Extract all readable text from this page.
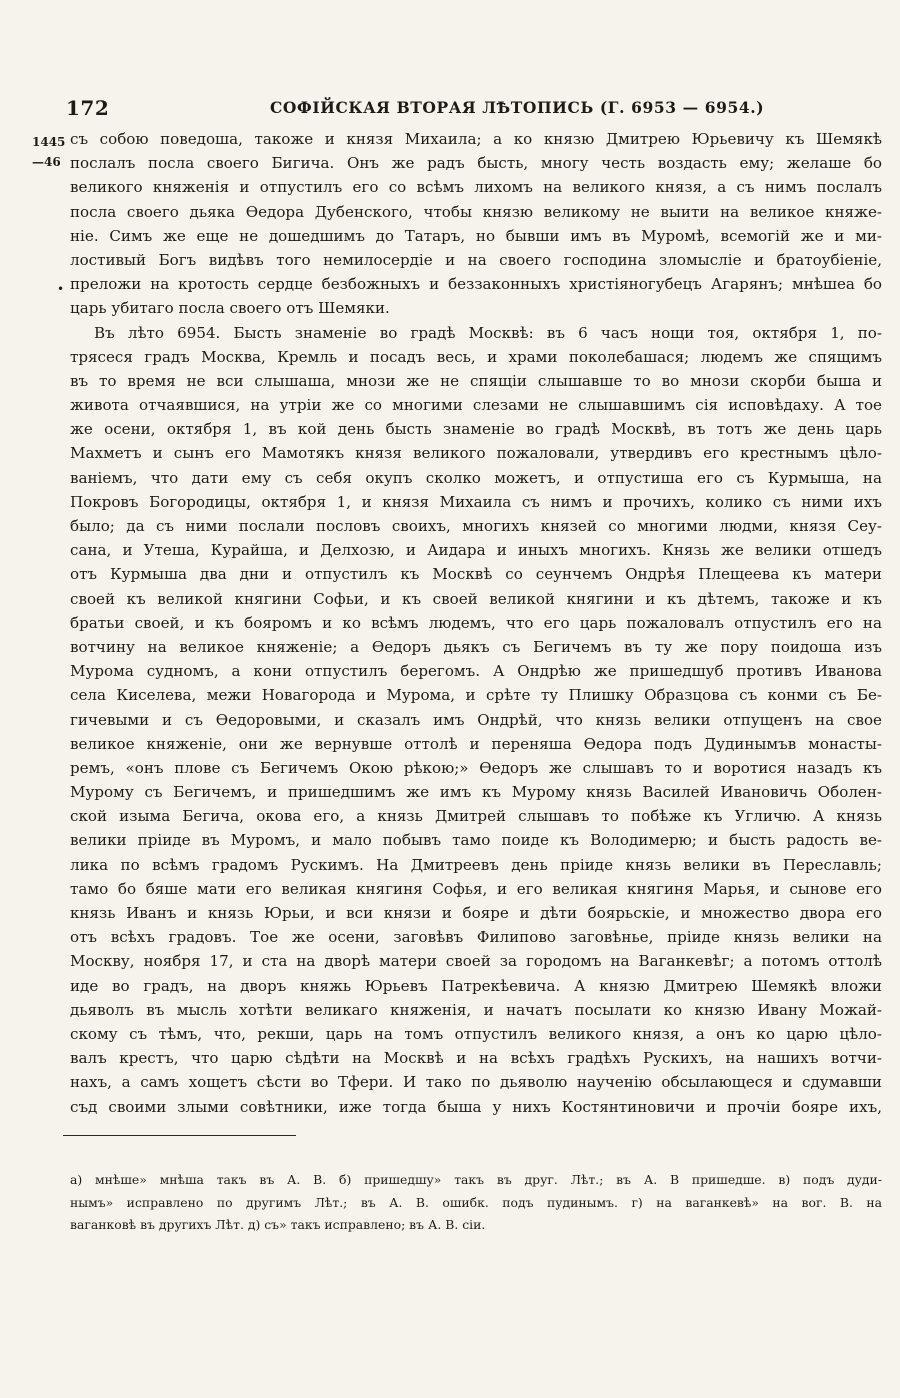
172	СОФІЙСКАЯ ВТОРАЯ ЛѢТОПИСЬ (Г. 6953 — 6954.)
1445
—46
•
съ собою поведоша, такожe и князя Михаила; а ко князю Дмитрею Юрьевичу къ Шемякѣ
послалъ посла своего Бигича. Онъ же радъ бысть, многу честь воздасть ему; желаше бо
великого княженія и отпустилъ его со всѣмъ лихомъ на великого князя, а съ нимъ послалъ
посла своего дьяка Ѳедора Дубенского, чтобы князю великому не выити на великое княже-
ніе. Симъ же еще не дошедшимъ до Татаръ, но бывши имъ въ Муромѣ, всемогій же и ми-
лостивый Богъ видѣвъ того немилосердіе и на своего господина зломысліе и братоубіеніе,
преложи на кротость сердце безбожныхъ и беззаконныхъ христіяногубецъ Агарянъ; мнѣшеа бо
царь убитаго посла своего отъ Шемяки.
Въ лѣто 6954. Бысть знаменіе во градѣ Москвѣ: въ 6 часъ нощи тоя, октября 1, по-
трясеся градъ Москва, Кремль и посадъ весь, и храми поколебашася; людемъ же спящимъ
въ то время не вси слышаша, мнози же не спящіи слышавше то во мнози скорби быша и
живота отчаявшися, на утріи же со многими слезами не слышавшимъ сія исповѣдаху. А тое
же осени, октября 1, въ кой день бысть знаменіе во градѣ Москвѣ, въ тотъ же день царь
Махметъ и сынъ его Мамотякъ князя великого пожаловали, утвердивъ его крестнымъ цѣло-
ваніемъ, что дати ему съ себя окупъ сколко можетъ, и отпустиша его съ Курмыша, на
Покровъ Богородицы, октября 1, и князя Михаила съ нимъ и прочихъ, колико съ ними ихъ
было; да съ ними послали пословъ своихъ, многихъ князей со многими людми, князя Сеу-
сана, и Утеша, Курайша, и Делхозю, и Аидара и иныхъ многихъ. Князь же велики отшедъ
отъ Курмыша два дни и отпустилъ къ Москвѣ со сеунчемъ Ондрѣя Плещеева къ матери
своей къ великой княгини Софьи, и къ своей великой княгини и къ дѣтемъ, такожe и къ
братьи своей, и къ бояромъ и ко всѣмъ людемъ, что его царь пожаловалъ отпустилъ его на
вотчину на великое княженіе; а Ѳедоръ дьякъ съ Бегичемъ въ ту же пору поидоша изъ
Мурома суднoмъ, а кони отпустилъ берегомъ. А Ондрѣю же пришедшуб противъ Иванова
села Киселева, межи Новагорода и Мурома, и срѣте ту Плишку Образцова съ конми съ Бе-
гичевыми и съ Ѳедоровыми, и сказалъ имъ Ондрѣй, что князь велики отпущенъ на свое
великое княженіе, они же вернувше оттолѣ и переняша Ѳедора подъ Дудинымъв монасты-
ремъ, «онъ плове съ Бегичемъ Окою рѣкою;» Ѳедоръ же слышавъ то и воротися назадъ къ
Мурому съ Бегичемъ, и пришедшимъ же имъ къ Мурому князь Василей Ивановичь Оболен-
ской изыма Бегича, окова его, а князь Дмитрей слышавъ то побѣже къ Угличю. А князь
велики пріиде въ Муромъ, и мало побывъ тамо поиде къ Володимерю; и бысть радость ве-
лика по всѣмъ градомъ Рускимъ. На Дмитреевъ день пріиде князь велики въ Переславль;
тамо бо бяше мати его великая княгиня Софья, и его великая княгиня Марья, и сынове его
князь Иванъ и князь Юрьи, и вси князи и бояре и дѣти боярьскіе, и множество двора его
отъ всѣхъ градовъ. Тое же осени, заговѣвъ Филипово заговѣнье, пріиде князь велики на
Москву, ноября 17, и ста на дворѣ матери своей за городомъ на Ваганкевѣг; а потомъ оттолѣ
иде во градъ, на дворъ княжь Юрьевъ Патрекѣевича. А князю Дмитрею Шемякѣ вложи
дьяволъ въ мысль хотѣти великагo княженія, и начатъ посылати ко князю Ивану Можай-
скому съ тѣмъ, что, рекши, царь на томъ отпустилъ великого князя, а онъ ко царю цѣло-
валъ крестъ, что царю сѣдѣти на Москвѣ и на всѣхъ градѣхъ Рускихъ, на нашихъ вотчи-
нахъ, а самъ хощетъ сѣсти во Тфери. И тако по дьяволю наученію обсылающеся и сдумавши
съд своими злыми совѣтники, иже тогда быша у нихъ Костянтиновичи и прочіи бояре ихъ,
а) мнѣше» мнѣша такъ въ А. В. б) пришедшу» такъ въ друг. Лѣт.; въ А. В пришедше. в) подъ дуди-
нымъ» исправлено по другимъ Лѣт.; въ А. В. ошибк. подъ пудинымъ. г) на ваганкевѣ» на вог. В. на
ваганковѣ въ другихъ Лѣт. д) съ» такъ исправлено; въ А. В. сіи.
